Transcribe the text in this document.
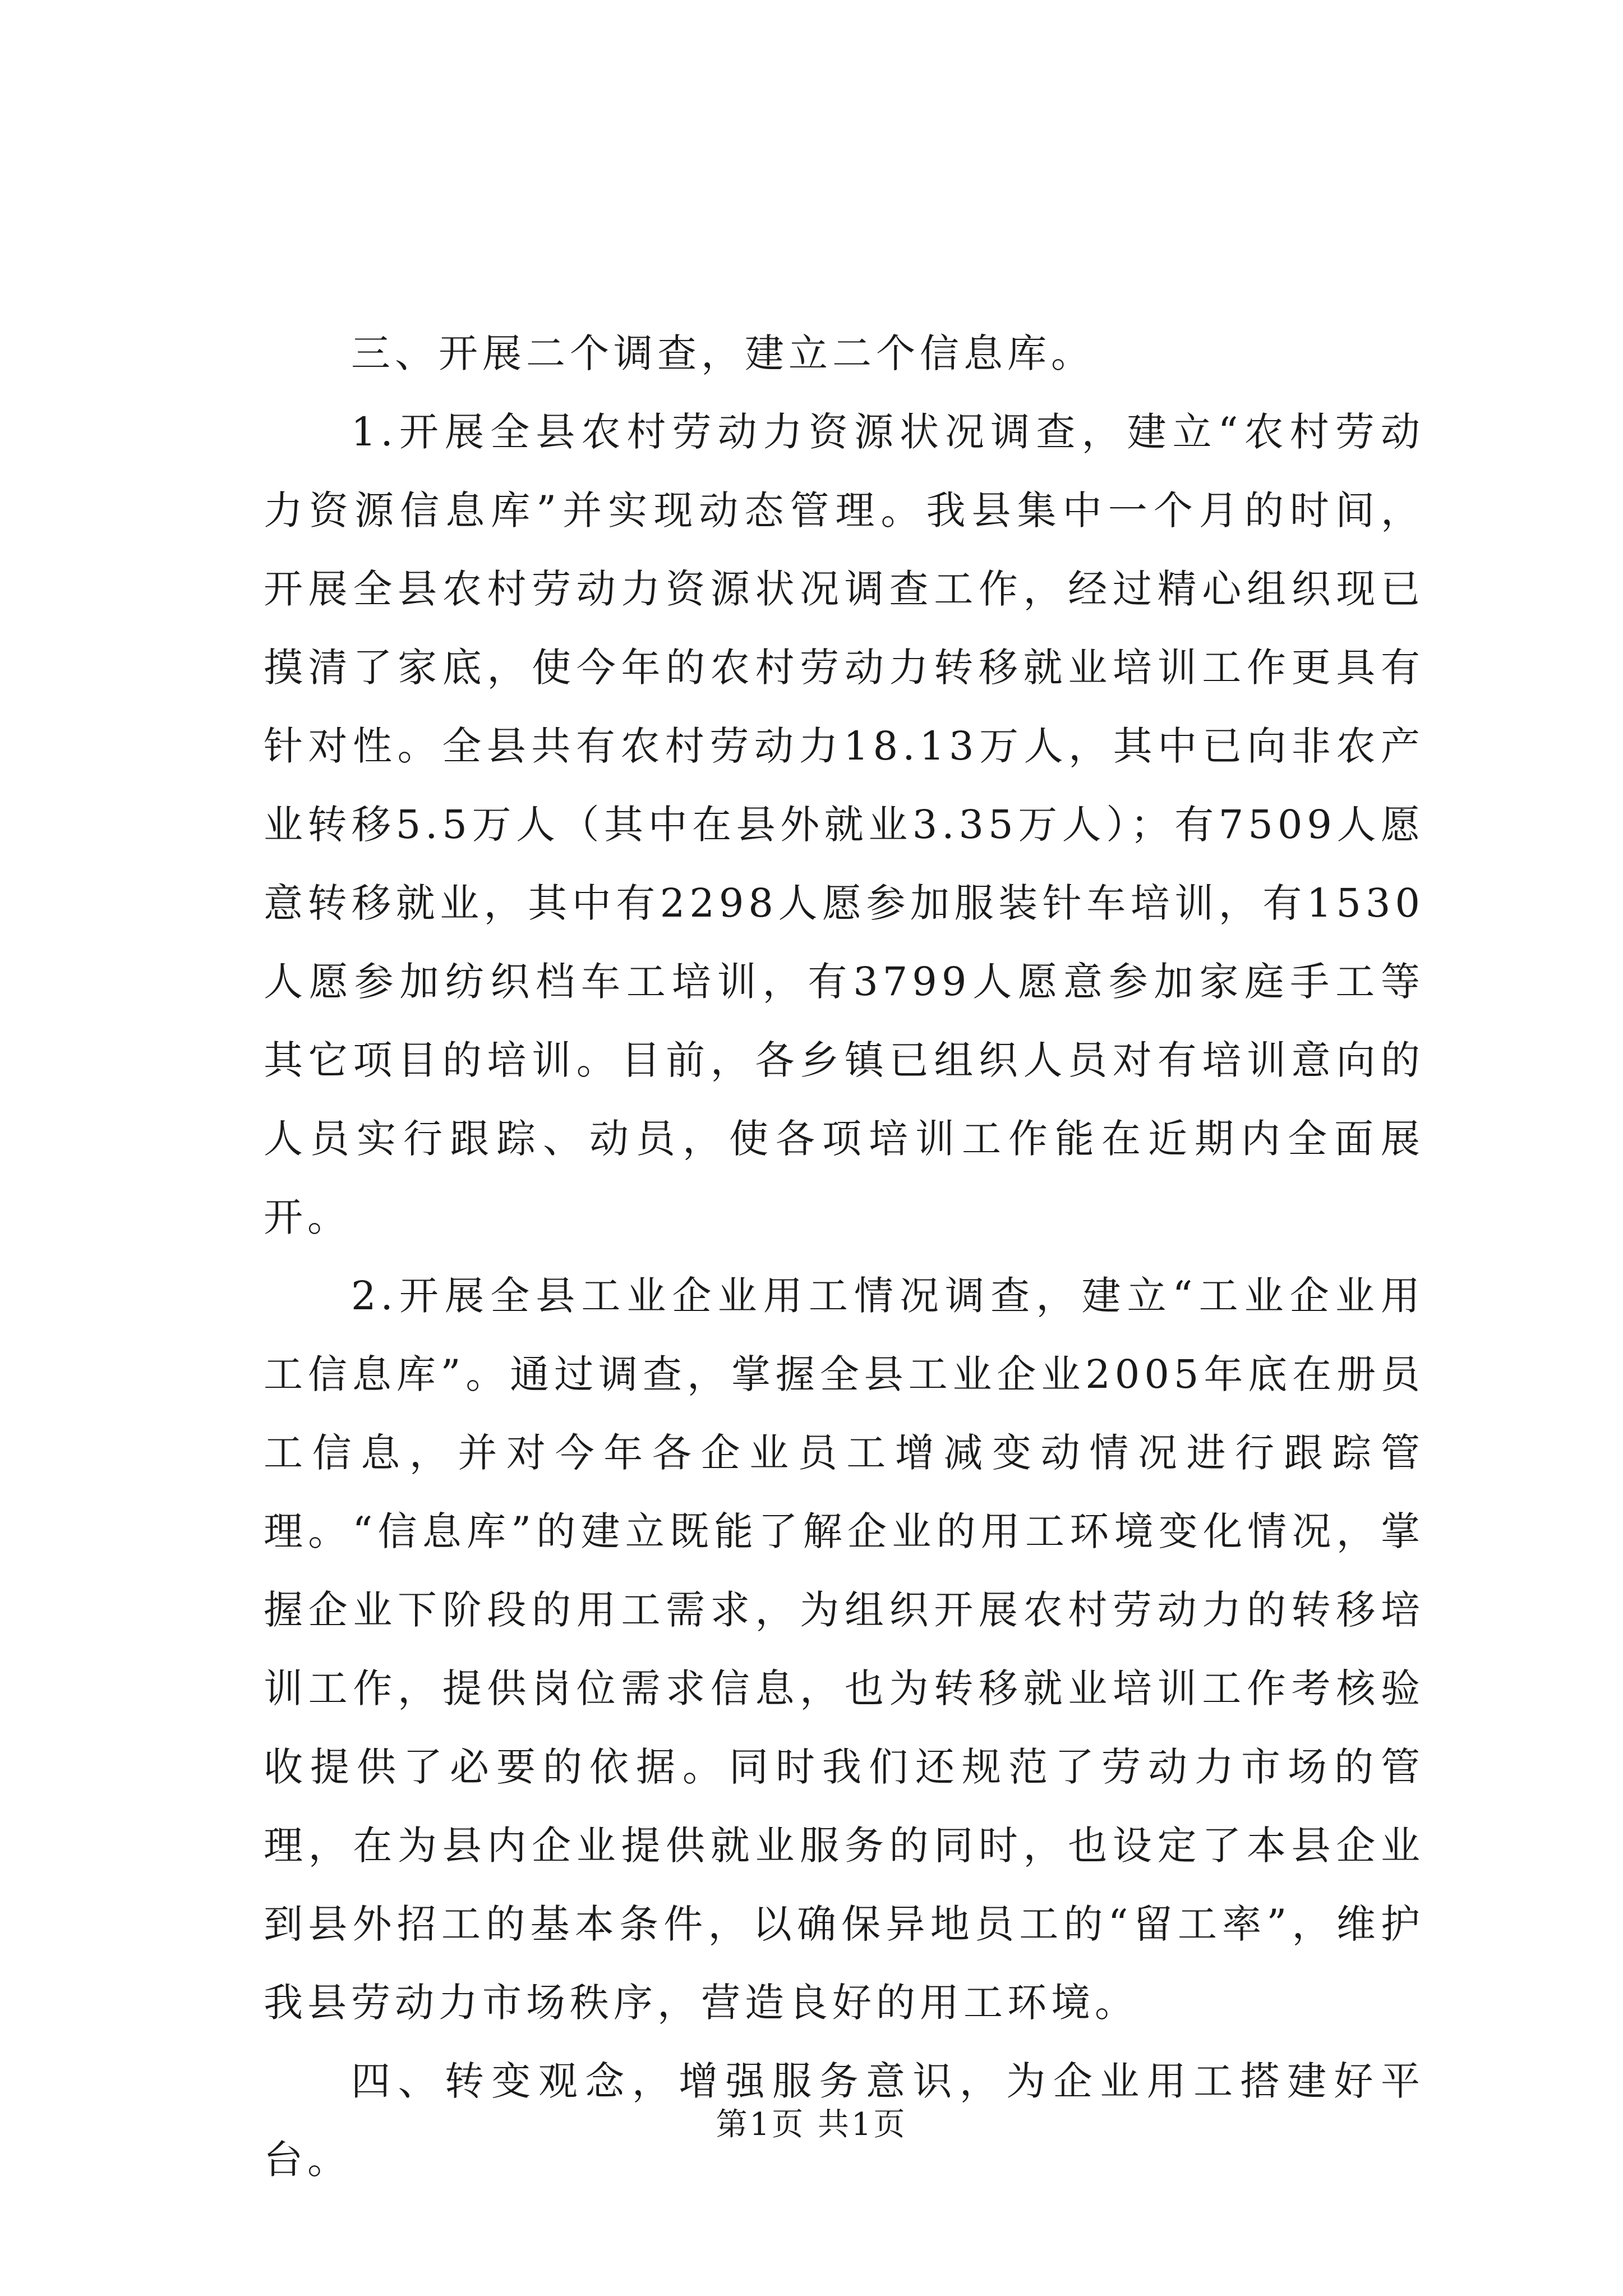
三、开展二个调查，建立二个信息库。

1.开展全县农村劳动力资源状况调查，建立“农村劳动力资源信息库”并实现动态管理。我县集中一个月的时间，开展全县农村劳动力资源状况调查工作，经过精心组织现已摸清了家底，使今年的农村劳动力转移就业培训工作更具有针对性。全县共有农村劳动力18.13万人，其中已向非农产业转移5.5万人（其中在县外就业3.35万人）；有7509人愿意转移就业，其中有2298人愿参加服装针车培训，有1530人愿参加纺织档车工培训，有3799人愿意参加家庭手工等其它项目的培训。目前，各乡镇已组织人员对有培训意向的人员实行跟踪、动员，使各项培训工作能在近期内全面展开。

2.开展全县工业企业用工情况调查，建立“工业企业用工信息库”。通过调查，掌握全县工业企业2005年底在册员工信息，并对今年各企业员工增减变动情况进行跟踪管理。“信息库”的建立既能了解企业的用工环境变化情况，掌握企业下阶段的用工需求，为组织开展农村劳动力的转移培训工作，提供岗位需求信息，也为转移就业培训工作考核验收提供了必要的依据。同时我们还规范了劳动力市场的管理，在为县内企业提供就业服务的同时，也设定了本县企业到县外招工的基本条件，以确保异地员工的“留工率”，维护我县劳动力市场秩序，营造良好的用工环境。

四、转变观念，增强服务意识，为企业用工搭建好平台。

第1页 共1页
